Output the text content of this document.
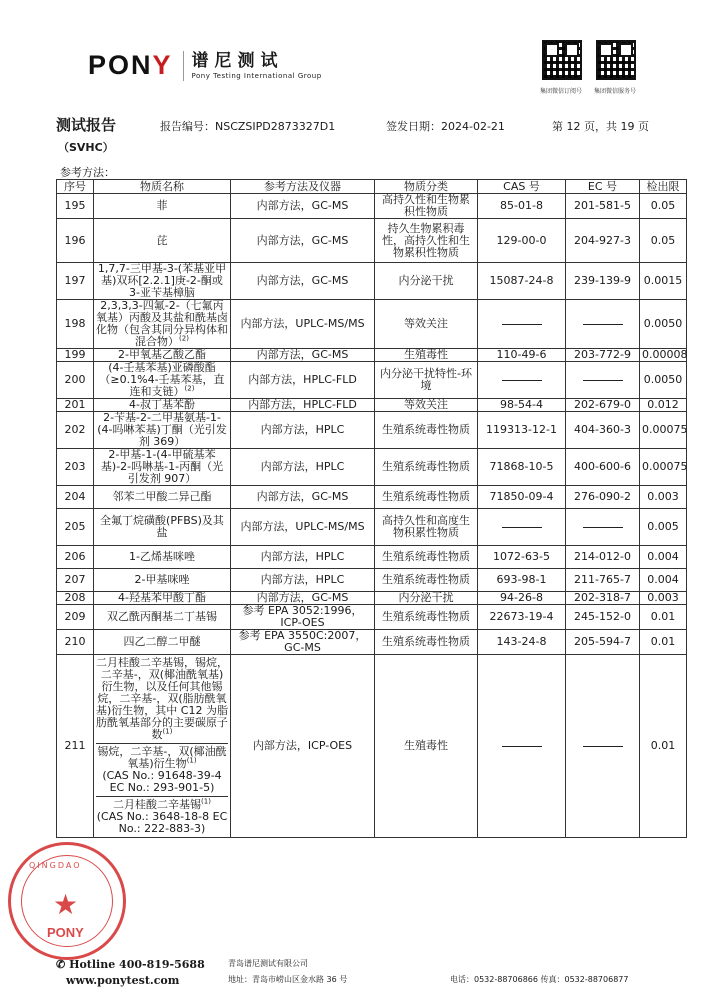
PONY 谱尼测试
Pony Testing International Group
集团微信订阅号 集团微信服务号
测试报告
（SVHC）
报告编号：NSCZSIPD2873327D1	签发日期：2024-02-21	第 12 页，共 19 页
参考方法：
序号	物质名称	参考方法及仪器	物质分类	CAS 号	EC 号	检出限
195	菲	内部方法，GC-MS	高持久性和生物累积性物质	85-01-8	201-581-5	0.05
196	芘	内部方法，GC-MS	持久生物累积毒性，高持久性和生物累积性物质	129-00-0	204-927-3	0.05
197	1,7,7-三甲基-3-(苯基亚甲基)双环[2.2.1]庚-2-酮或3-亚苄基樟脑	内部方法，GC-MS	内分泌干扰	15087-24-8	239-139-9	0.0015
198	2,3,3,3-四氟-2-（七氟丙氧基）丙酸及其盐和酰基卤化物（包含其同分异构体和混合物）$^{(2)}$	内部方法，UPLC-MS/MS	等效关注			0.0050
199	2-甲氧基乙酸乙酯	内部方法，GC-MS	生殖毒性	110-49-6	203-772-9	0.00008
200	(4-壬基苯基)亚磷酸酯（≥0.1%4-壬基苯基，直连和支链）$^{(2)}$	内部方法，HPLC-FLD	内分泌干扰特性-环境			0.0050
201	4-叔丁基苯酚	内部方法，HPLC-FLD	等效关注	98-54-4	202-679-0	0.012
202	2-苄基-2-二甲基氨基-1-(4-吗啉苯基)丁酮（光引发剂 369）	内部方法，HPLC	生殖系统毒性物质	119313-12-1	404-360-3	0.00075
203	2-甲基-1-(4-甲硫基苯基)-2-吗啉基-1-丙酮（光引发剂 907）	内部方法，HPLC	生殖系统毒性物质	71868-10-5	400-600-6	0.00075
204	邻苯二甲酸二异己酯	内部方法，GC-MS	生殖系统毒性物质	71850-09-4	276-090-2	0.003
205	全氟丁烷磺酸(PFBS)及其盐	内部方法，UPLC-MS/MS	高持久性和高度生物积累性物质			0.005
206	1-乙烯基咪唑	内部方法，HPLC	生殖系统毒性物质	1072-63-5	214-012-0	0.004
207	2-甲基咪唑	内部方法，HPLC	生殖系统毒性物质	693-98-1	211-765-7	0.004
208	4-羟基苯甲酸丁酯	内部方法，GC-MS	内分泌干扰	94-26-8	202-318-7	0.003
209	双乙酰丙酮基二丁基锡	参考 EPA 3052:1996，ICP-OES	生殖系统毒性物质	22673-19-4	245-152-0	0.01
210	四乙二醇二甲醚	参考 EPA 3550C:2007，GC-MS	生殖系统毒性物质	143-24-8	205-594-7	0.01
211	二月桂酸二辛基锡，锡烷，二辛基-，双(椰油酰氧基)衍生物，以及任何其他锡烷，二辛基-，双(脂肪酰氧基)衍生物，其中 C12 为脂肪酰氧基部分的主要碳原子数$^{(1)}$
锡烷，二辛基-，双(椰油酰氧基)衍生物$^{(1)}$
(CAS No.: 91648-39-4 EC No.: 293-901-5)
二月桂酸二辛基锡$^{(1)}$
(CAS No.: 3648-18-8 EC No.: 222-883-3)	内部方法，ICP-OES	生殖毒性			0.01
QINGDAO
★
PONY
✆ Hotline 400-819-5688
www.ponytest.com
青岛谱尼测试有限公司
地址：青岛市崂山区金水路 36 号	电话：0532-88706866 传真：0532-88706877
